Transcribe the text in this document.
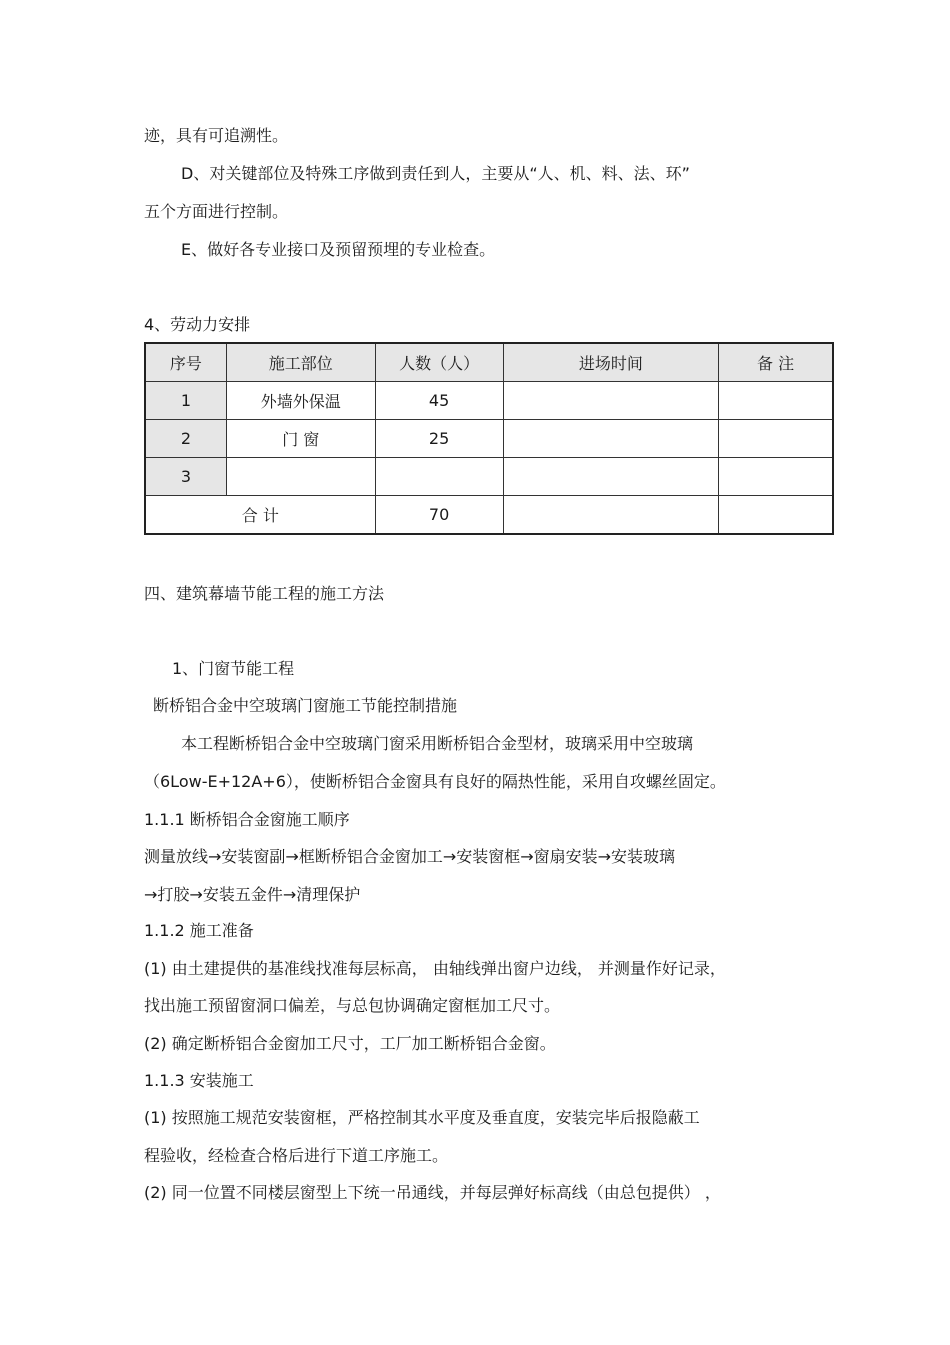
迹，具有可追溯性。
D、对关键部位及特殊工序做到责任到人，主要从“人、机、料、法、环”
五个方面进行控制。
E、做好各专业接口及预留预埋的专业检查。
4、劳动力安排
序号	施工部位	人数（人）	进场时间	备 注
1	外墙外保温	45		
2	门 窗	25		
3				
合 计		70		
四、建筑幕墙节能工程的施工方法
1、门窗节能工程
断桥铝合金中空玻璃门窗施工节能控制措施
本工程断桥铝合金中空玻璃门窗采用断桥铝合金型材，玻璃采用中空玻璃
（6Low-E+12A+6），使断桥铝合金窗具有良好的隔热性能，采用自攻螺丝固定。
1.1.1 断桥铝合金窗施工顺序
测量放线→安装窗副→框断桥铝合金窗加工→安装窗框→窗扇安装→安装玻璃
→打胶→安装五金件→清理保护
1.1.2 施工准备
(1) 由土建提供的基准线找准每层标高， 由轴线弹出窗户边线， 并测量作好记录，
找出施工预留窗洞口偏差，与总包协调确定窗框加工尺寸。
(2) 确定断桥铝合金窗加工尺寸，工厂加工断桥铝合金窗。
1.1.3 安装施工
(1) 按照施工规范安装窗框，严格控制其水平度及垂直度，安装完毕后报隐蔽工
程验收，经检查合格后进行下道工序施工。
(2) 同一位置不同楼层窗型上下统一吊通线，并每层弹好标高线（由总包提供） ，
